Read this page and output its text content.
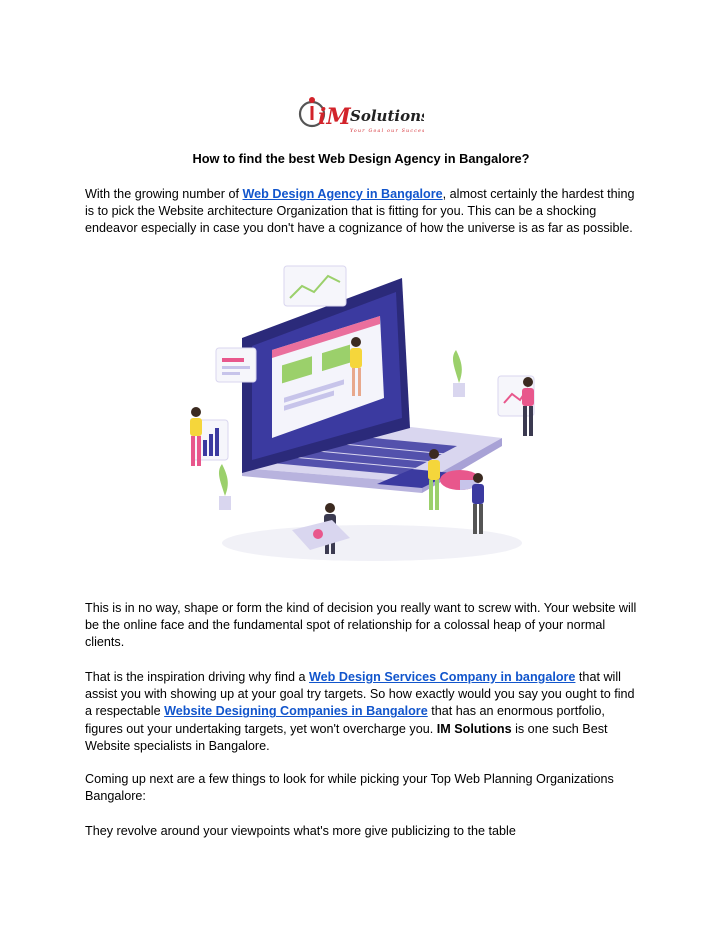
iM Solutions
Your Goal our Success
How to find the best Web Design Agency in Bangalore?

With the growing number of Web Design Agency in Bangalore, almost certainly the hardest thing is to pick the Website architecture Organization that is fitting for you. This can be a shocking endeavor especially in case you don't have a cognizance of how the universe is as far as possible.

This is in no way, shape or form the kind of decision you really want to screw with. Your website will be the online face and the fundamental spot of relationship for a colossal heap of your normal clients.

That is the inspiration driving why find a Web Design Services Company in bangalore that will assist you with showing up at your goal try targets. So how exactly would you say you ought to find a respectable Website Designing Companies in Bangalore that has an enormous portfolio, figures out your undertaking targets, yet won't overcharge you. IM Solutions is one such Best Website specialists in Bangalore.

Coming up next are a few things to look for while picking your Top Web Planning Organizations Bangalore:

They revolve around your viewpoints what's more give publicizing to the table
